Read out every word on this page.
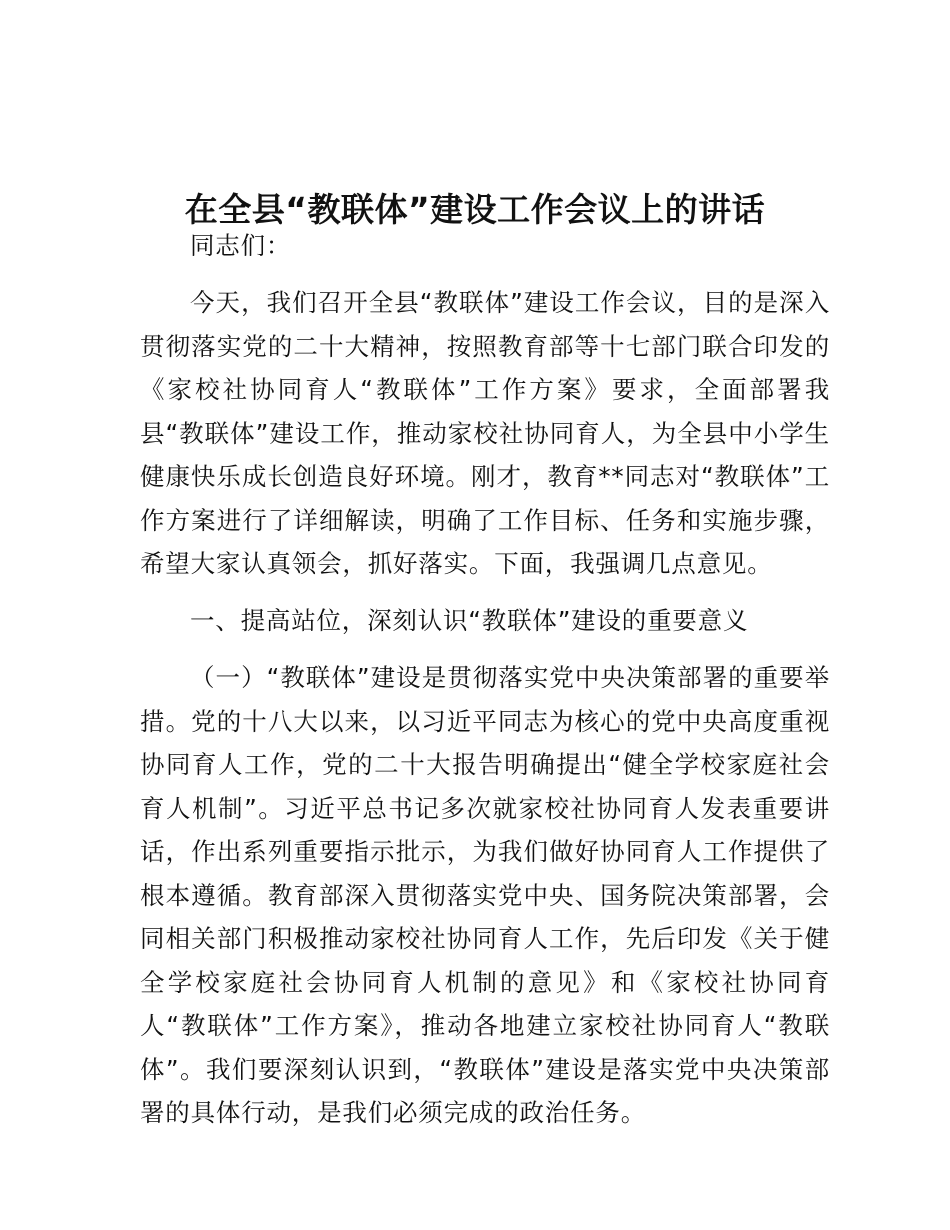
在全县“教联体”建设工作会议上的讲话

同志们：

今天，我们召开全县“教联体”建设工作会议，目的是深入贯彻落实党的二十大精神，按照教育部等十七部门联合印发的《家校社协同育人“教联体”工作方案》要求，全面部署我县“教联体”建设工作，推动家校社协同育人，为全县中小学生健康快乐成长创造良好环境。刚才，教育**同志对“教联体”工作方案进行了详细解读，明确了工作目标、任务和实施步骤，希望大家认真领会，抓好落实。下面，我强调几点意见。

一、提高站位，深刻认识“教联体”建设的重要意义

（一）“教联体”建设是贯彻落实党中央决策部署的重要举措。党的十八大以来，以习近平同志为核心的党中央高度重视协同育人工作，党的二十大报告明确提出“健全学校家庭社会育人机制”。习近平总书记多次就家校社协同育人发表重要讲话，作出系列重要指示批示，为我们做好协同育人工作提供了根本遵循。教育部深入贯彻落实党中央、国务院决策部署，会同相关部门积极推动家校社协同育人工作，先后印发《关于健全学校家庭社会协同育人机制的意见》和《家校社协同育人“教联体”工作方案》，推动各地建立家校社协同育人“教联体”。我们要深刻认识到，“教联体”建设是落实党中央决策部署的具体行动，是我们必须完成的政治任务。
